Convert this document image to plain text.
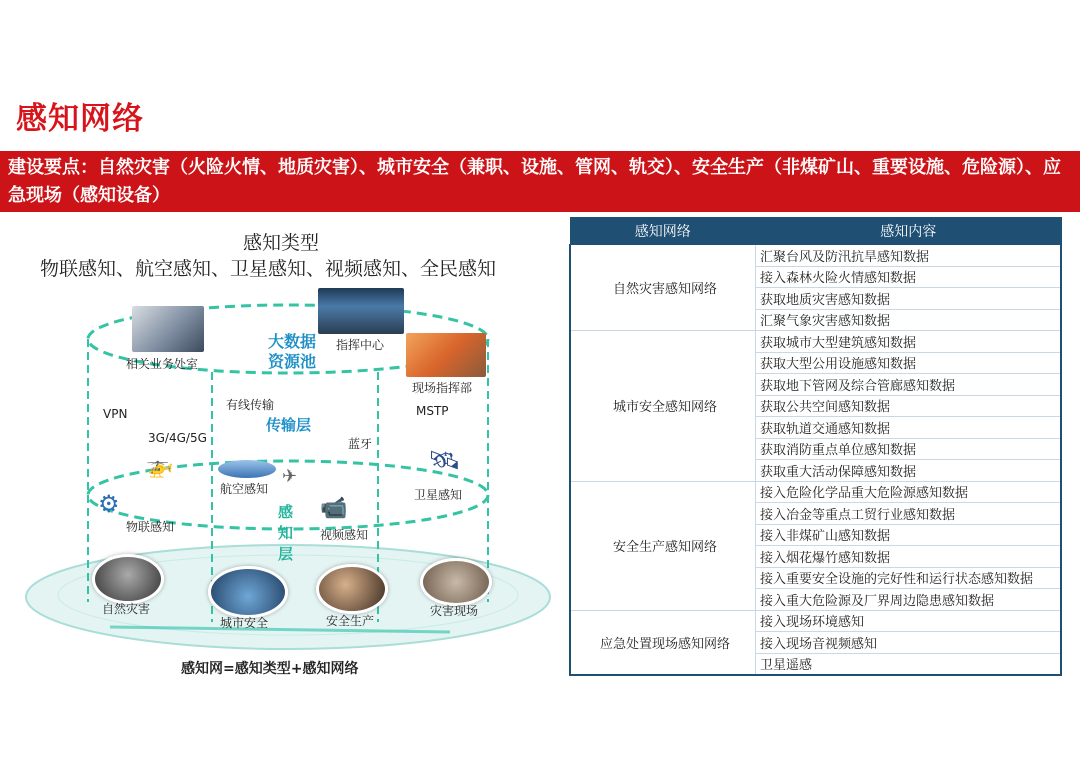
感知网络
建设要点：自然灾害（火险火情、地质灾害）、城市安全（兼职、设施、管网、轨交）、安全生产（非煤矿山、重要设施、危险源）、应急现场（感知设备）
感知类型
物联感知、航空感知、卫星感知、视频感知、全民感知
相关业务处室
指挥中心
现场指挥部
大数据
资源池
传输层
感
知
层
VPN
有线传输	MSTP
3G/4G/5G	蓝牙
🚁	✈
🛰
⚙	📹
航空感知	卫星感知
物联感知
视频感知
自然灾害
城市安全	安全生产
灾害现场
感知网=感知类型+感知网络
感知网络	感知内容
自然灾害感知网络	汇聚台风及防汛抗旱感知数据
	接入森林火险火情感知数据
	获取地质灾害感知数据
	汇聚气象灾害感知数据
城市安全感知网络	获取城市大型建筑感知数据
	获取大型公用设施感知数据
	获取地下管网及综合管廊感知数据
	获取公共空间感知数据
	获取轨道交通感知数据
	获取消防重点单位感知数据
	获取重大活动保障感知数据
安全生产感知网络	接入危险化学品重大危险源感知数据
	接入冶金等重点工贸行业感知数据
	接入非煤矿山感知数据
	接入烟花爆竹感知数据
	接入重要安全设施的完好性和运行状态感知数据
	接入重大危险源及厂界周边隐患感知数据
应急处置现场感知网络	接入现场环境感知
	接入现场音视频感知
	卫星遥感
